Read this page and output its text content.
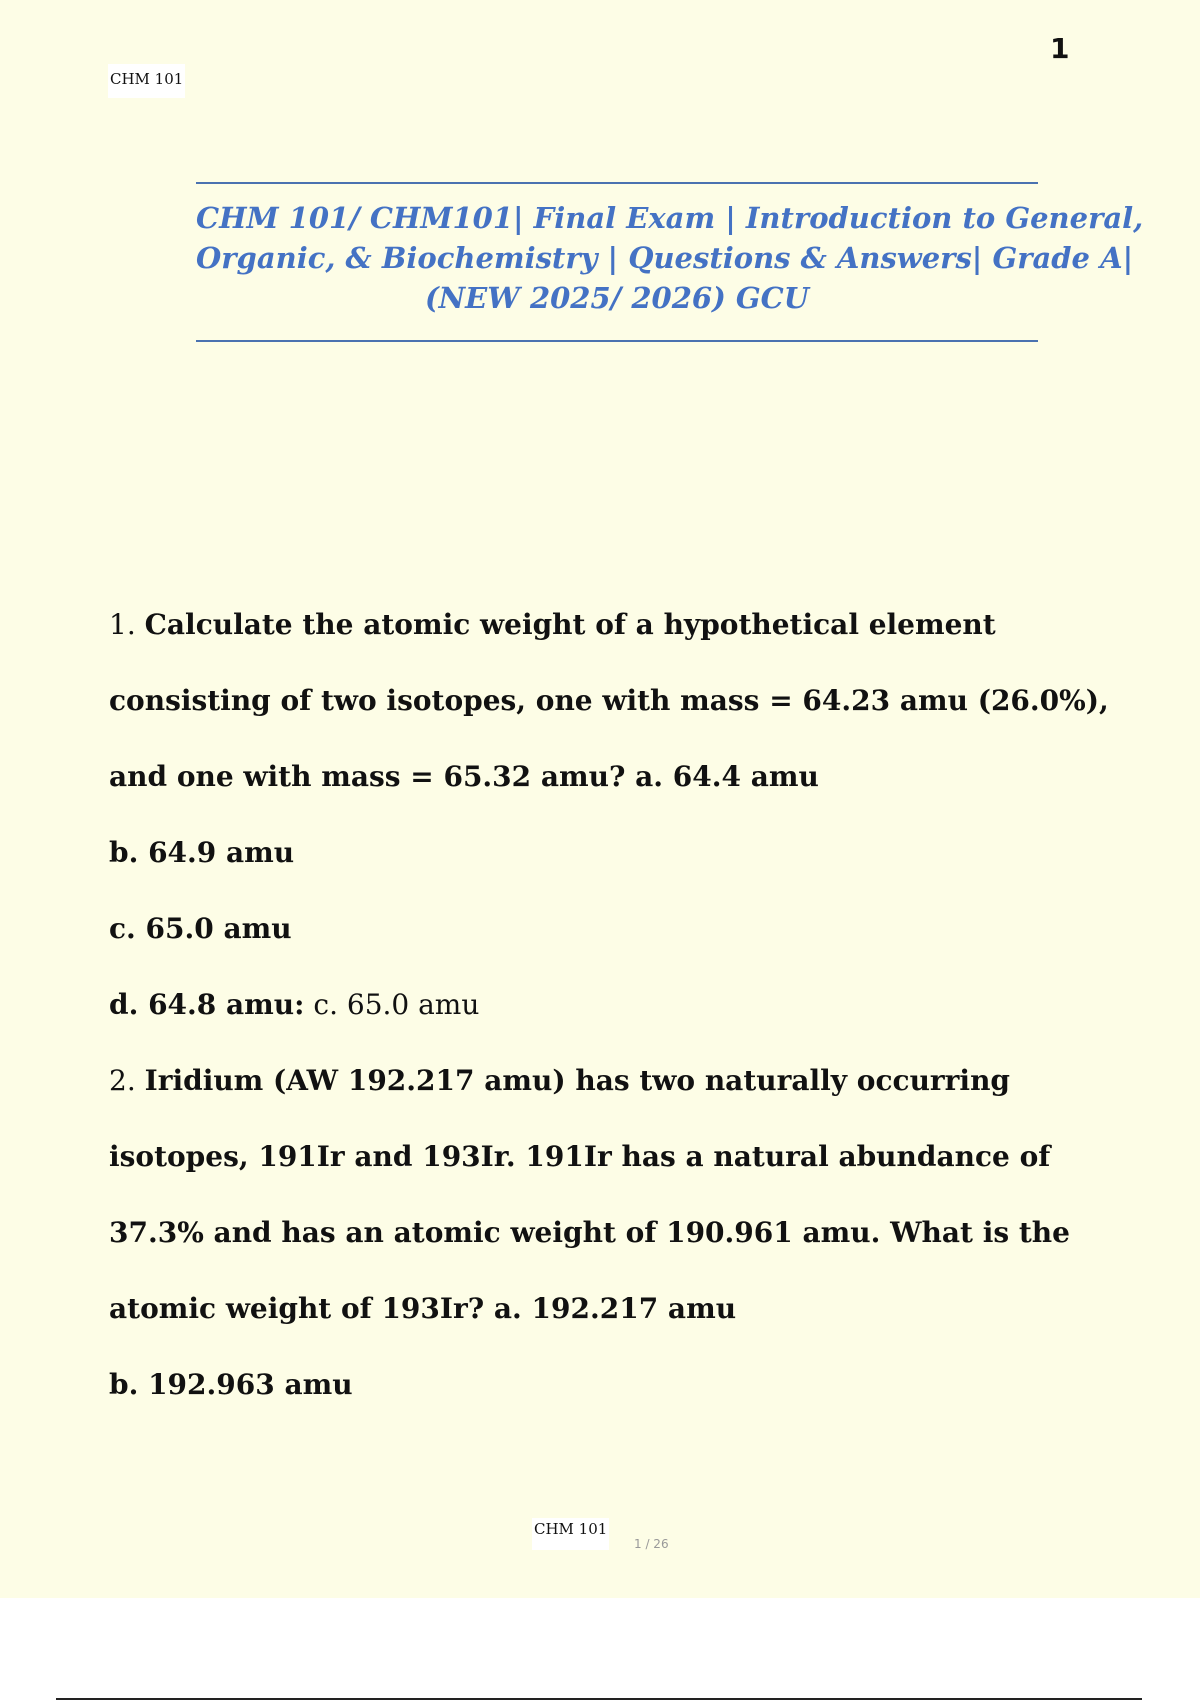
CHM 101
1
CHM 101/ CHM101| Final Exam | Introduction to General,
Organic, & Biochemistry | Questions & Answers| Grade A|
(NEW 2025/ 2026) GCU
1. Calculate the atomic weight of a hypothetical element
consisting of two isotopes, one with mass = 64.23 amu (26.0%),
and one with mass = 65.32 amu? a. 64.4 amu
b. 64.9 amu
c. 65.0 amu
d. 64.8 amu: c. 65.0 amu
2. Iridium (AW 192.217 amu) has two naturally occurring
isotopes, 191Ir and 193Ir. 191Ir has a natural abundance of
37.3% and has an atomic weight of 190.961 amu. What is the
atomic weight of 193Ir? a. 192.217 amu
b. 192.963 amu
CHM 101
1 / 26
